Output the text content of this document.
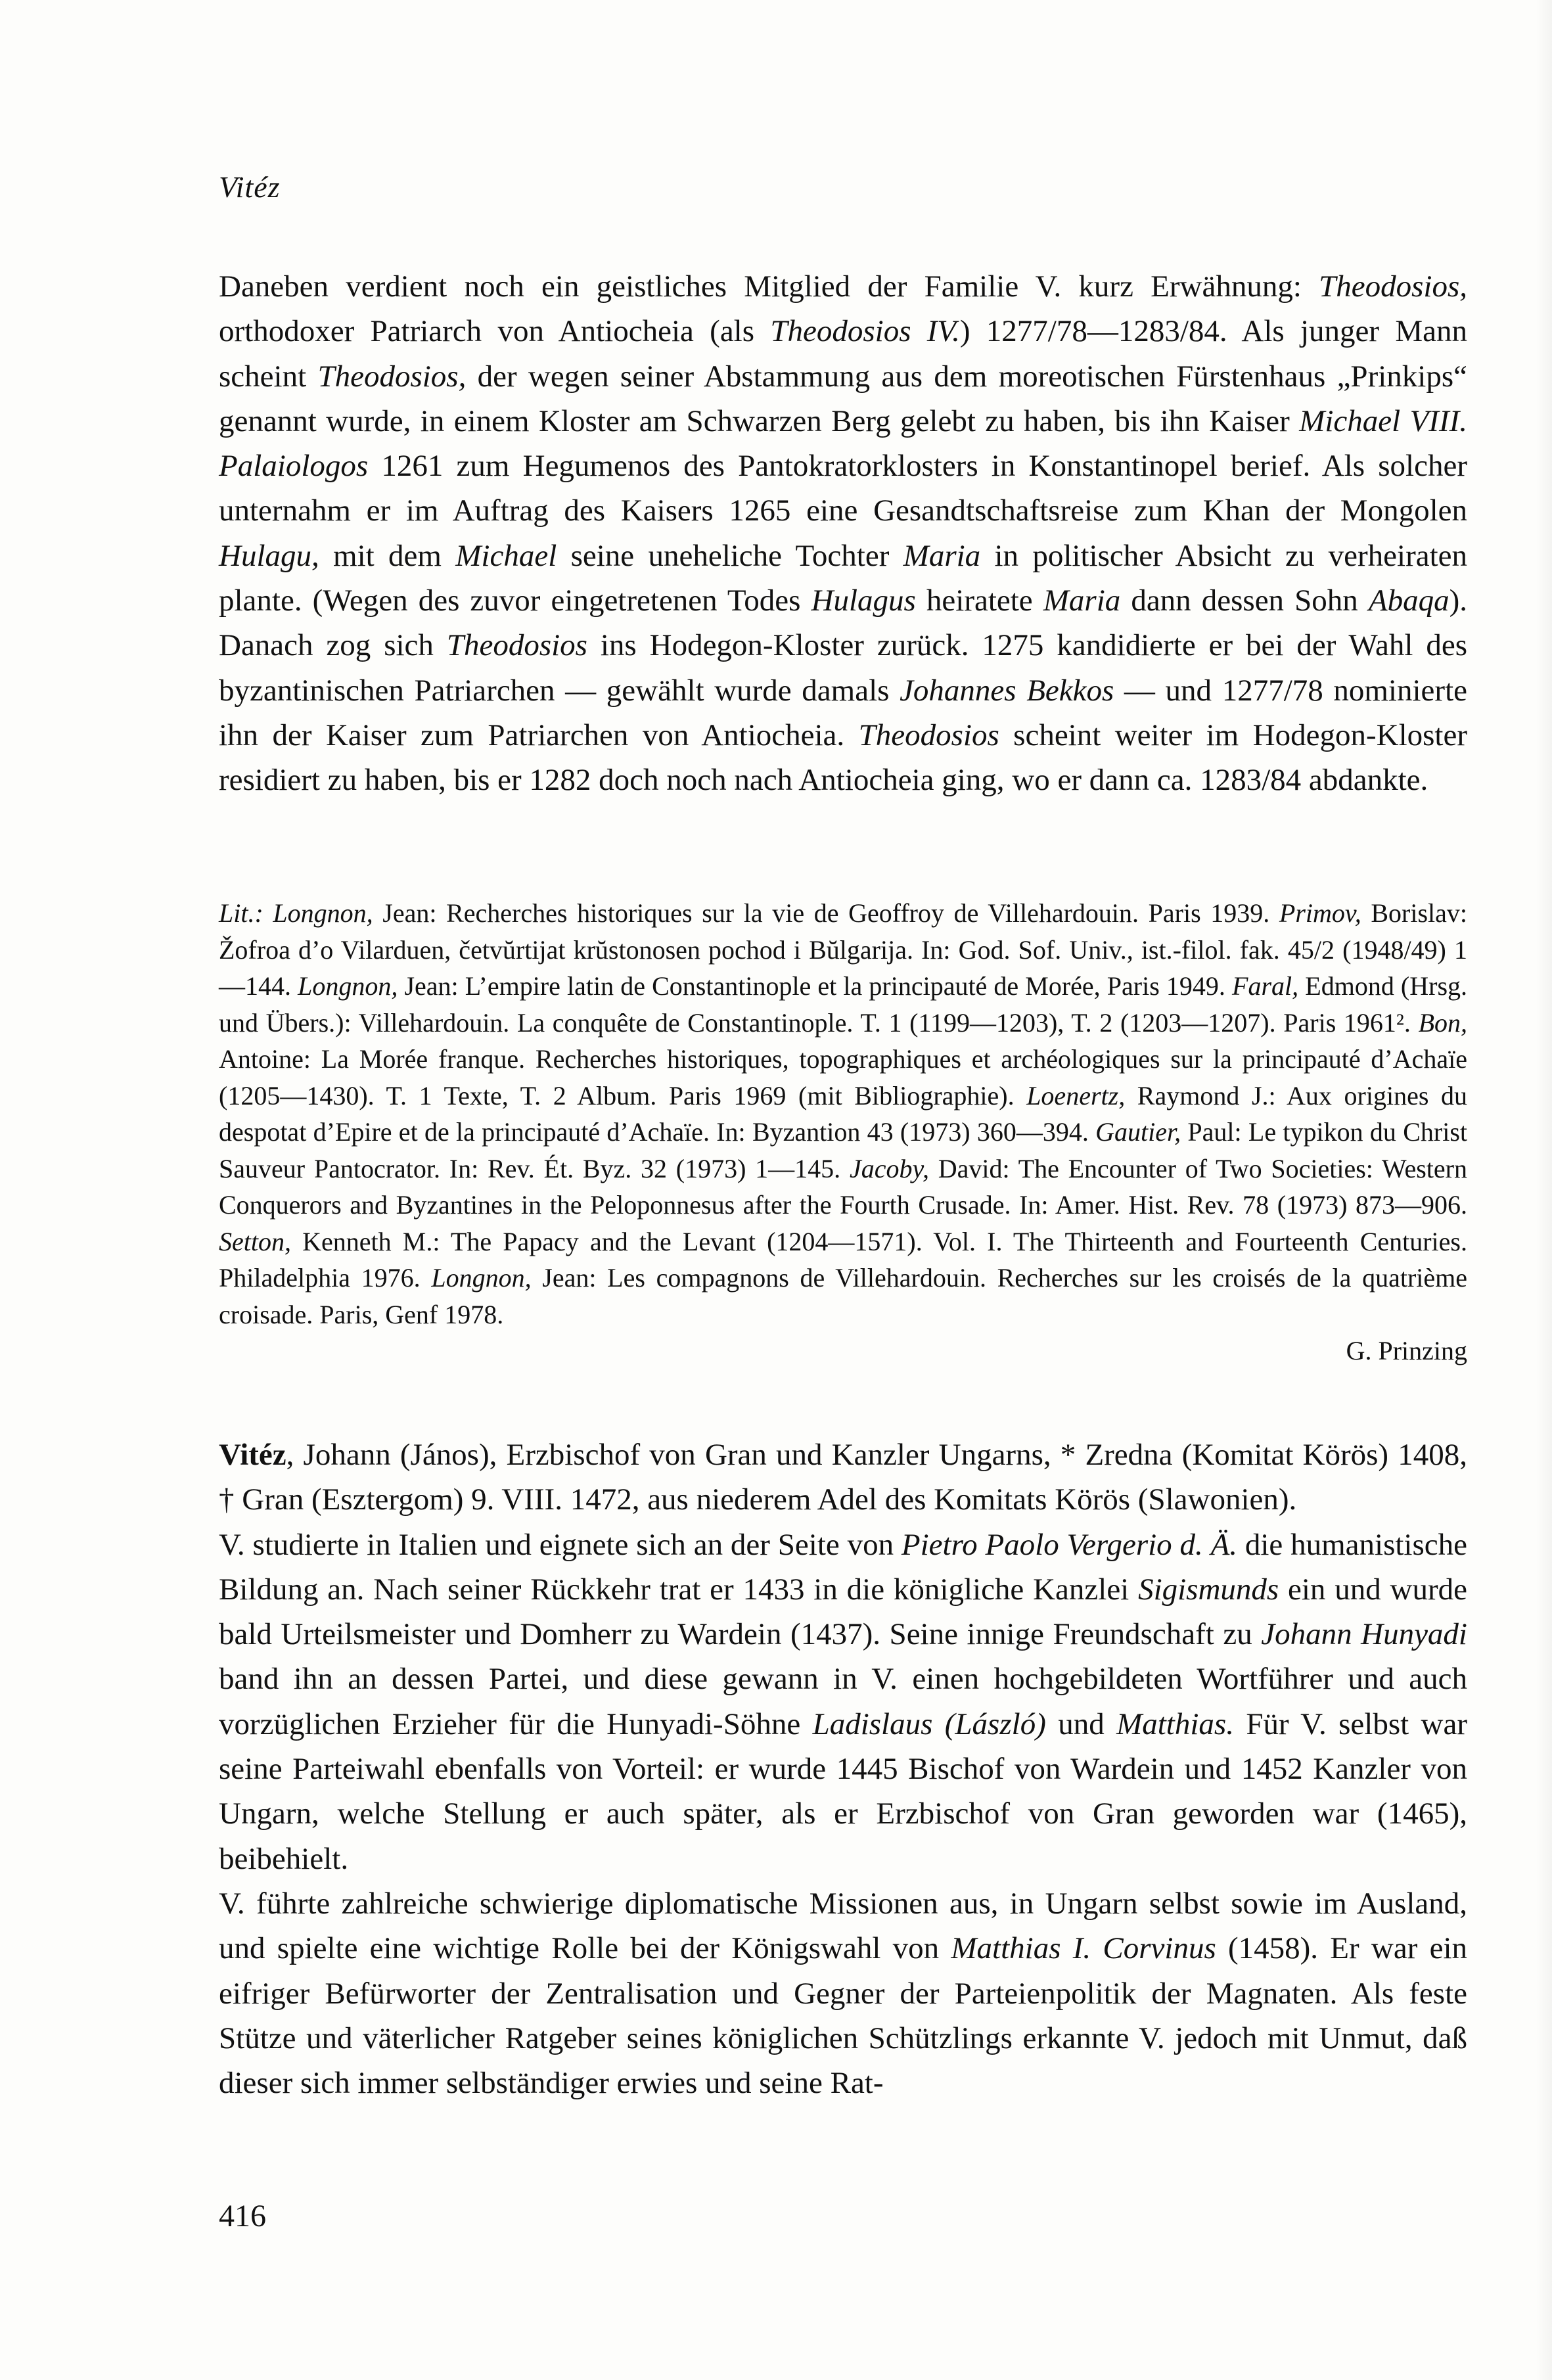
Vitéz

Daneben verdient noch ein geistliches Mitglied der Familie V. kurz Erwähnung: Theodosios, orthodoxer Patriarch von Antiocheia (als Theodosios IV.) 1277/78—1283/84. Als junger Mann scheint Theodosios, der wegen seiner Abstammung aus dem moreotischen Fürstenhaus „Prinkips“ genannt wurde, in einem Kloster am Schwarzen Berg gelebt zu haben, bis ihn Kaiser Michael VIII. Palaiologos 1261 zum Hegumenos des Pantokratorklosters in Konstantinopel berief. Als solcher unternahm er im Auftrag des Kaisers 1265 eine Gesandtschaftsreise zum Khan der Mongolen Hulagu, mit dem Michael seine uneheliche Tochter Maria in politischer Absicht zu verheiraten plante. (Wegen des zuvor eingetretenen Todes Hulagus heiratete Maria dann dessen Sohn Abaqa). Danach zog sich Theodosios ins Hodegon-Kloster zurück. 1275 kandidierte er bei der Wahl des byzantinischen Patriarchen — gewählt wurde damals Johannes Bekkos — und 1277/78 nominierte ihn der Kaiser zum Patriarchen von Antiocheia. Theodosios scheint weiter im Hodegon-Kloster residiert zu haben, bis er 1282 doch noch nach Antiocheia ging, wo er dann ca. 1283/84 abdankte.

Lit.: Longnon, Jean: Recherches historiques sur la vie de Geoffroy de Villehardouin. Paris 1939. Primov, Borislav: Žofroa d’o Vilarduen, četvŭrtijat krŭstonosen pochod i Bŭlgarija. In: God. Sof. Univ., ist.-filol. fak. 45/2 (1948/49) 1—144. Longnon, Jean: L’empire latin de Constantinople et la principauté de Morée, Paris 1949. Faral, Edmond (Hrsg. und Übers.): Villehardouin. La conquête de Constantinople. T. 1 (1199—1203), T. 2 (1203—1207). Paris 1961². Bon, Antoine: La Morée franque. Recherches historiques, topographiques et archéologiques sur la principauté d’Achaïe (1205—1430). T. 1 Texte, T. 2 Album. Paris 1969 (mit Bibliographie). Loenertz, Raymond J.: Aux origines du despotat d’Epire et de la principauté d’Achaïe. In: Byzantion 43 (1973) 360—394. Gautier, Paul: Le typikon du Christ Sauveur Pantocrator. In: Rev. Ét. Byz. 32 (1973) 1—145. Jacoby, David: The Encounter of Two Societies: Western Conquerors and Byzantines in the Peloponnesus after the Fourth Crusade. In: Amer. Hist. Rev. 78 (1973) 873—906. Setton, Kenneth M.: The Papacy and the Levant (1204—1571). Vol. I. The Thirteenth and Fourteenth Centuries. Philadelphia 1976. Longnon, Jean: Les compagnons de Villehardouin. Recherches sur les croisés de la quatrième croisade. Paris, Genf 1978.

G. Prinzing

Vitéz, Johann (János), Erzbischof von Gran und Kanzler Ungarns, * Zredna (Komitat Körös) 1408, † Gran (Esztergom) 9. VIII. 1472, aus niederem Adel des Komitats Körös (Slawonien).

V. studierte in Italien und eignete sich an der Seite von Pietro Paolo Vergerio d. Ä. die humanistische Bildung an. Nach seiner Rückkehr trat er 1433 in die königliche Kanzlei Sigismunds ein und wurde bald Urteilsmeister und Domherr zu Wardein (1437). Seine innige Freundschaft zu Johann Hunyadi band ihn an dessen Partei, und diese gewann in V. einen hochgebildeten Wortführer und auch vorzüglichen Erzieher für die Hunyadi-Söhne Ladislaus (László) und Matthias. Für V. selbst war seine Parteiwahl ebenfalls von Vorteil: er wurde 1445 Bischof von Wardein und 1452 Kanzler von Ungarn, welche Stellung er auch später, als er Erzbischof von Gran geworden war (1465), beibehielt.

V. führte zahlreiche schwierige diplomatische Missionen aus, in Ungarn selbst sowie im Ausland, und spielte eine wichtige Rolle bei der Königswahl von Matthias I. Corvinus (1458). Er war ein eifriger Befürworter der Zentralisation und Gegner der Parteienpolitik der Magnaten. Als feste Stütze und väterlicher Ratgeber seines königlichen Schützlings erkannte V. jedoch mit Unmut, daß dieser sich immer selbständiger erwies und seine Rat-

416
